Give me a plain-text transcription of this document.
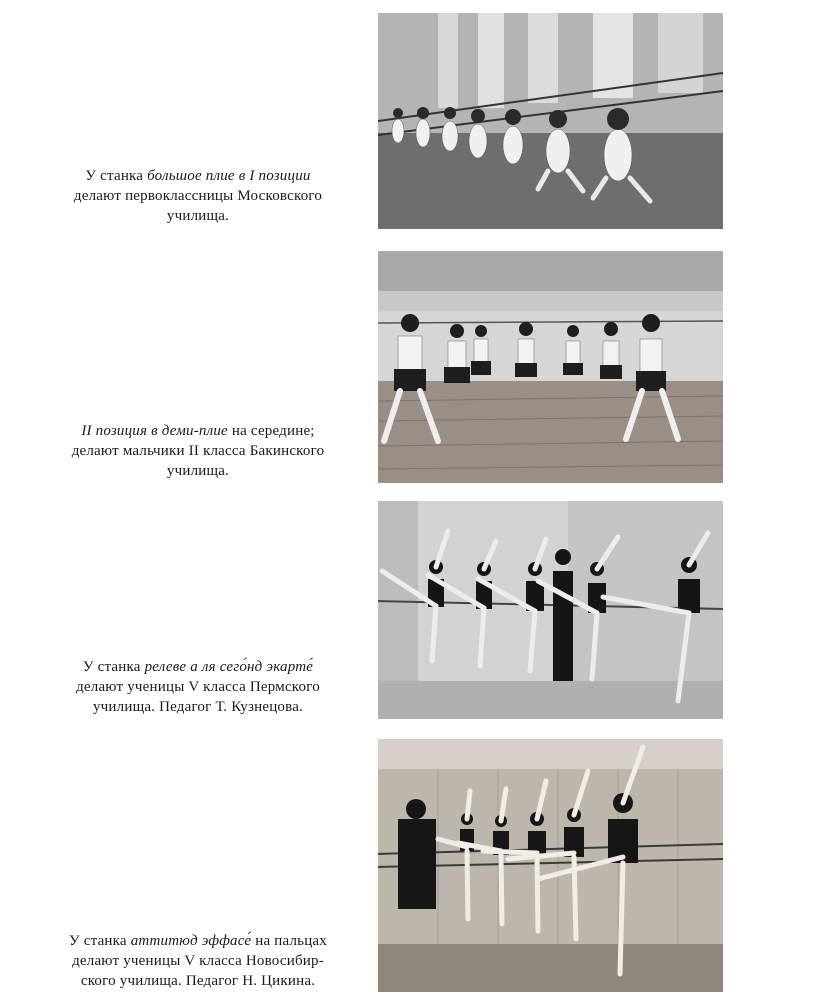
У станка большое плие в I позиции
делают первоклассницы Московского
училища.
II позиция в деми-плие на середине;
делают мальчики II класса Бакинского
училища.
У станка релеве а ля сего́нд экарте́
делают ученицы V класса Пермского
училища. Педагог Т. Кузнецова.
У станка аттитюд эффасе́ на пальцах
делают ученицы V класса Новосибир-
ского училища. Педагог Н. Цикина.
